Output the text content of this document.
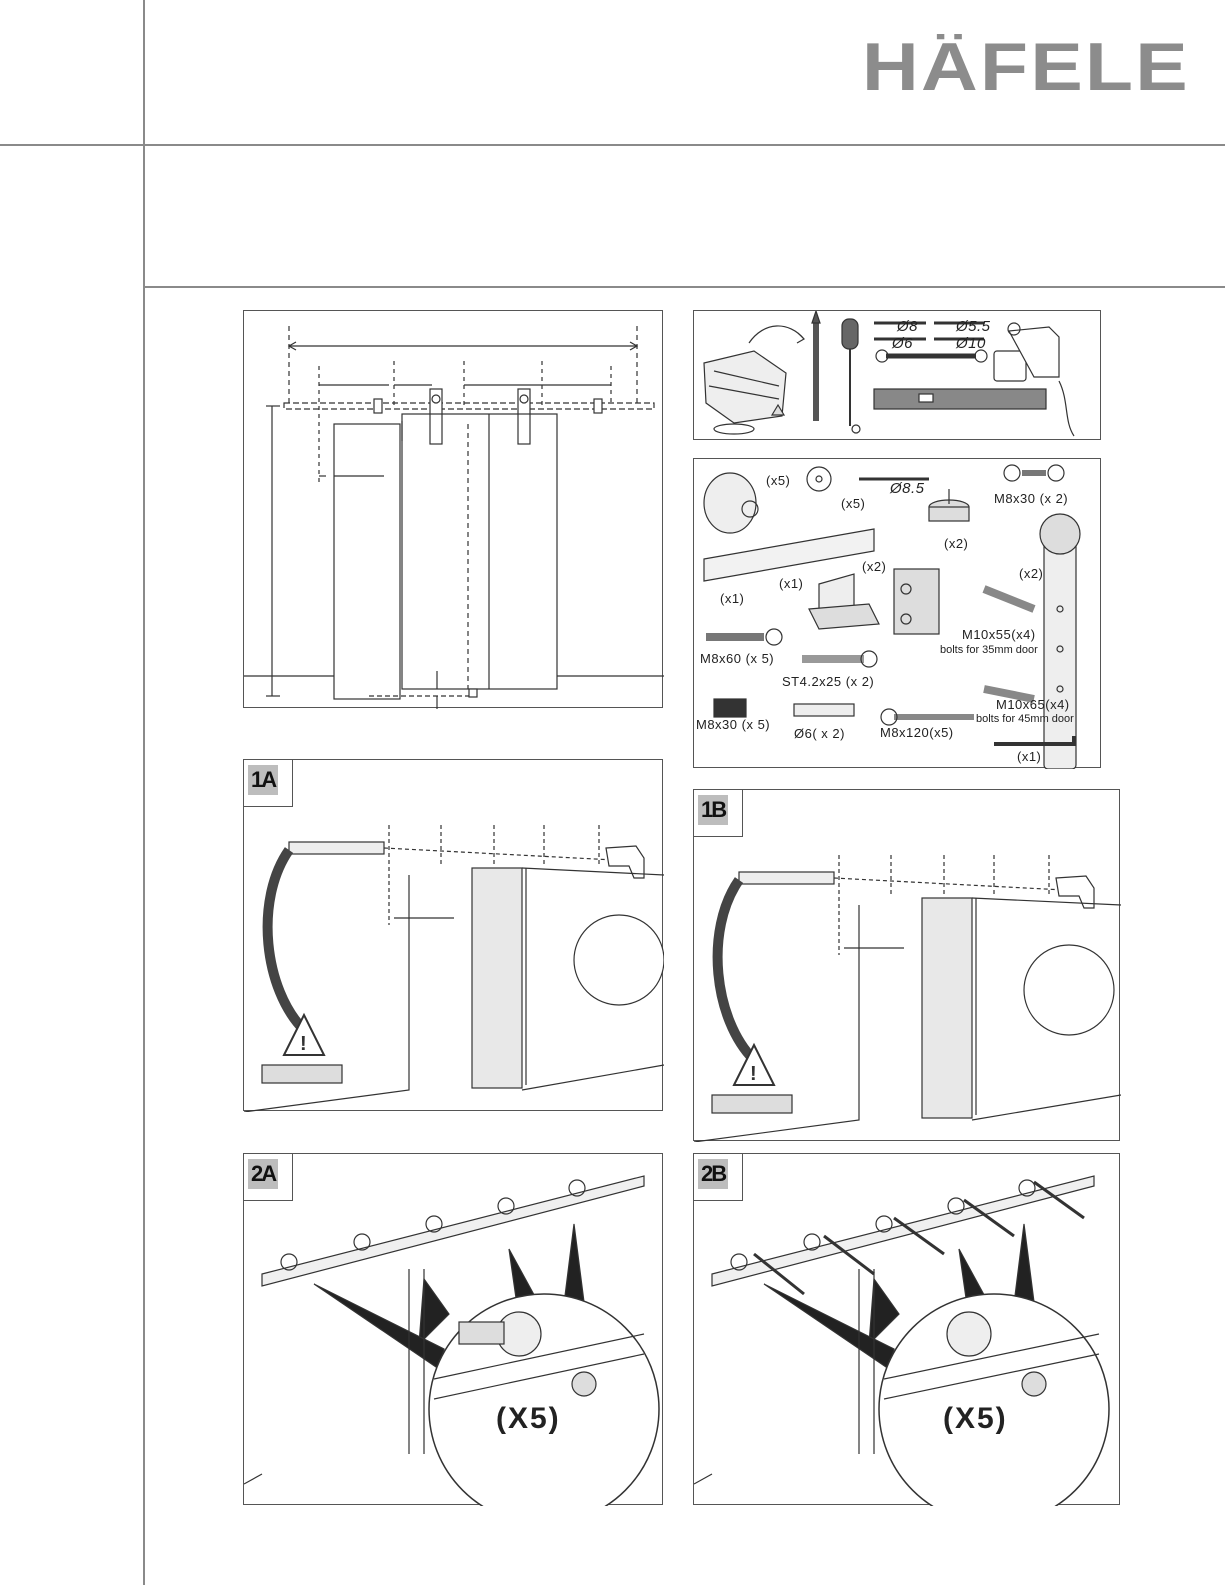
HÄFELE
Ø8	Ø5.5
Ø6	Ø10
(x5)
(x5)
Ø8.5
(x2)
M8x30 (x 2)
(x1)
(x1)
(x2)	(x2)
M10x55(x4)
bolts for 35mm door
M8x60 (x 5)
ST4.2x25 (x 2)
M10x65(x4)
bolts for 45mm door
M8x30 (x 5)
Ø6( x 2)	M8x120(x5)
(x1)
1A
!
1B
!
2A
(X5)
2B
(X5)
